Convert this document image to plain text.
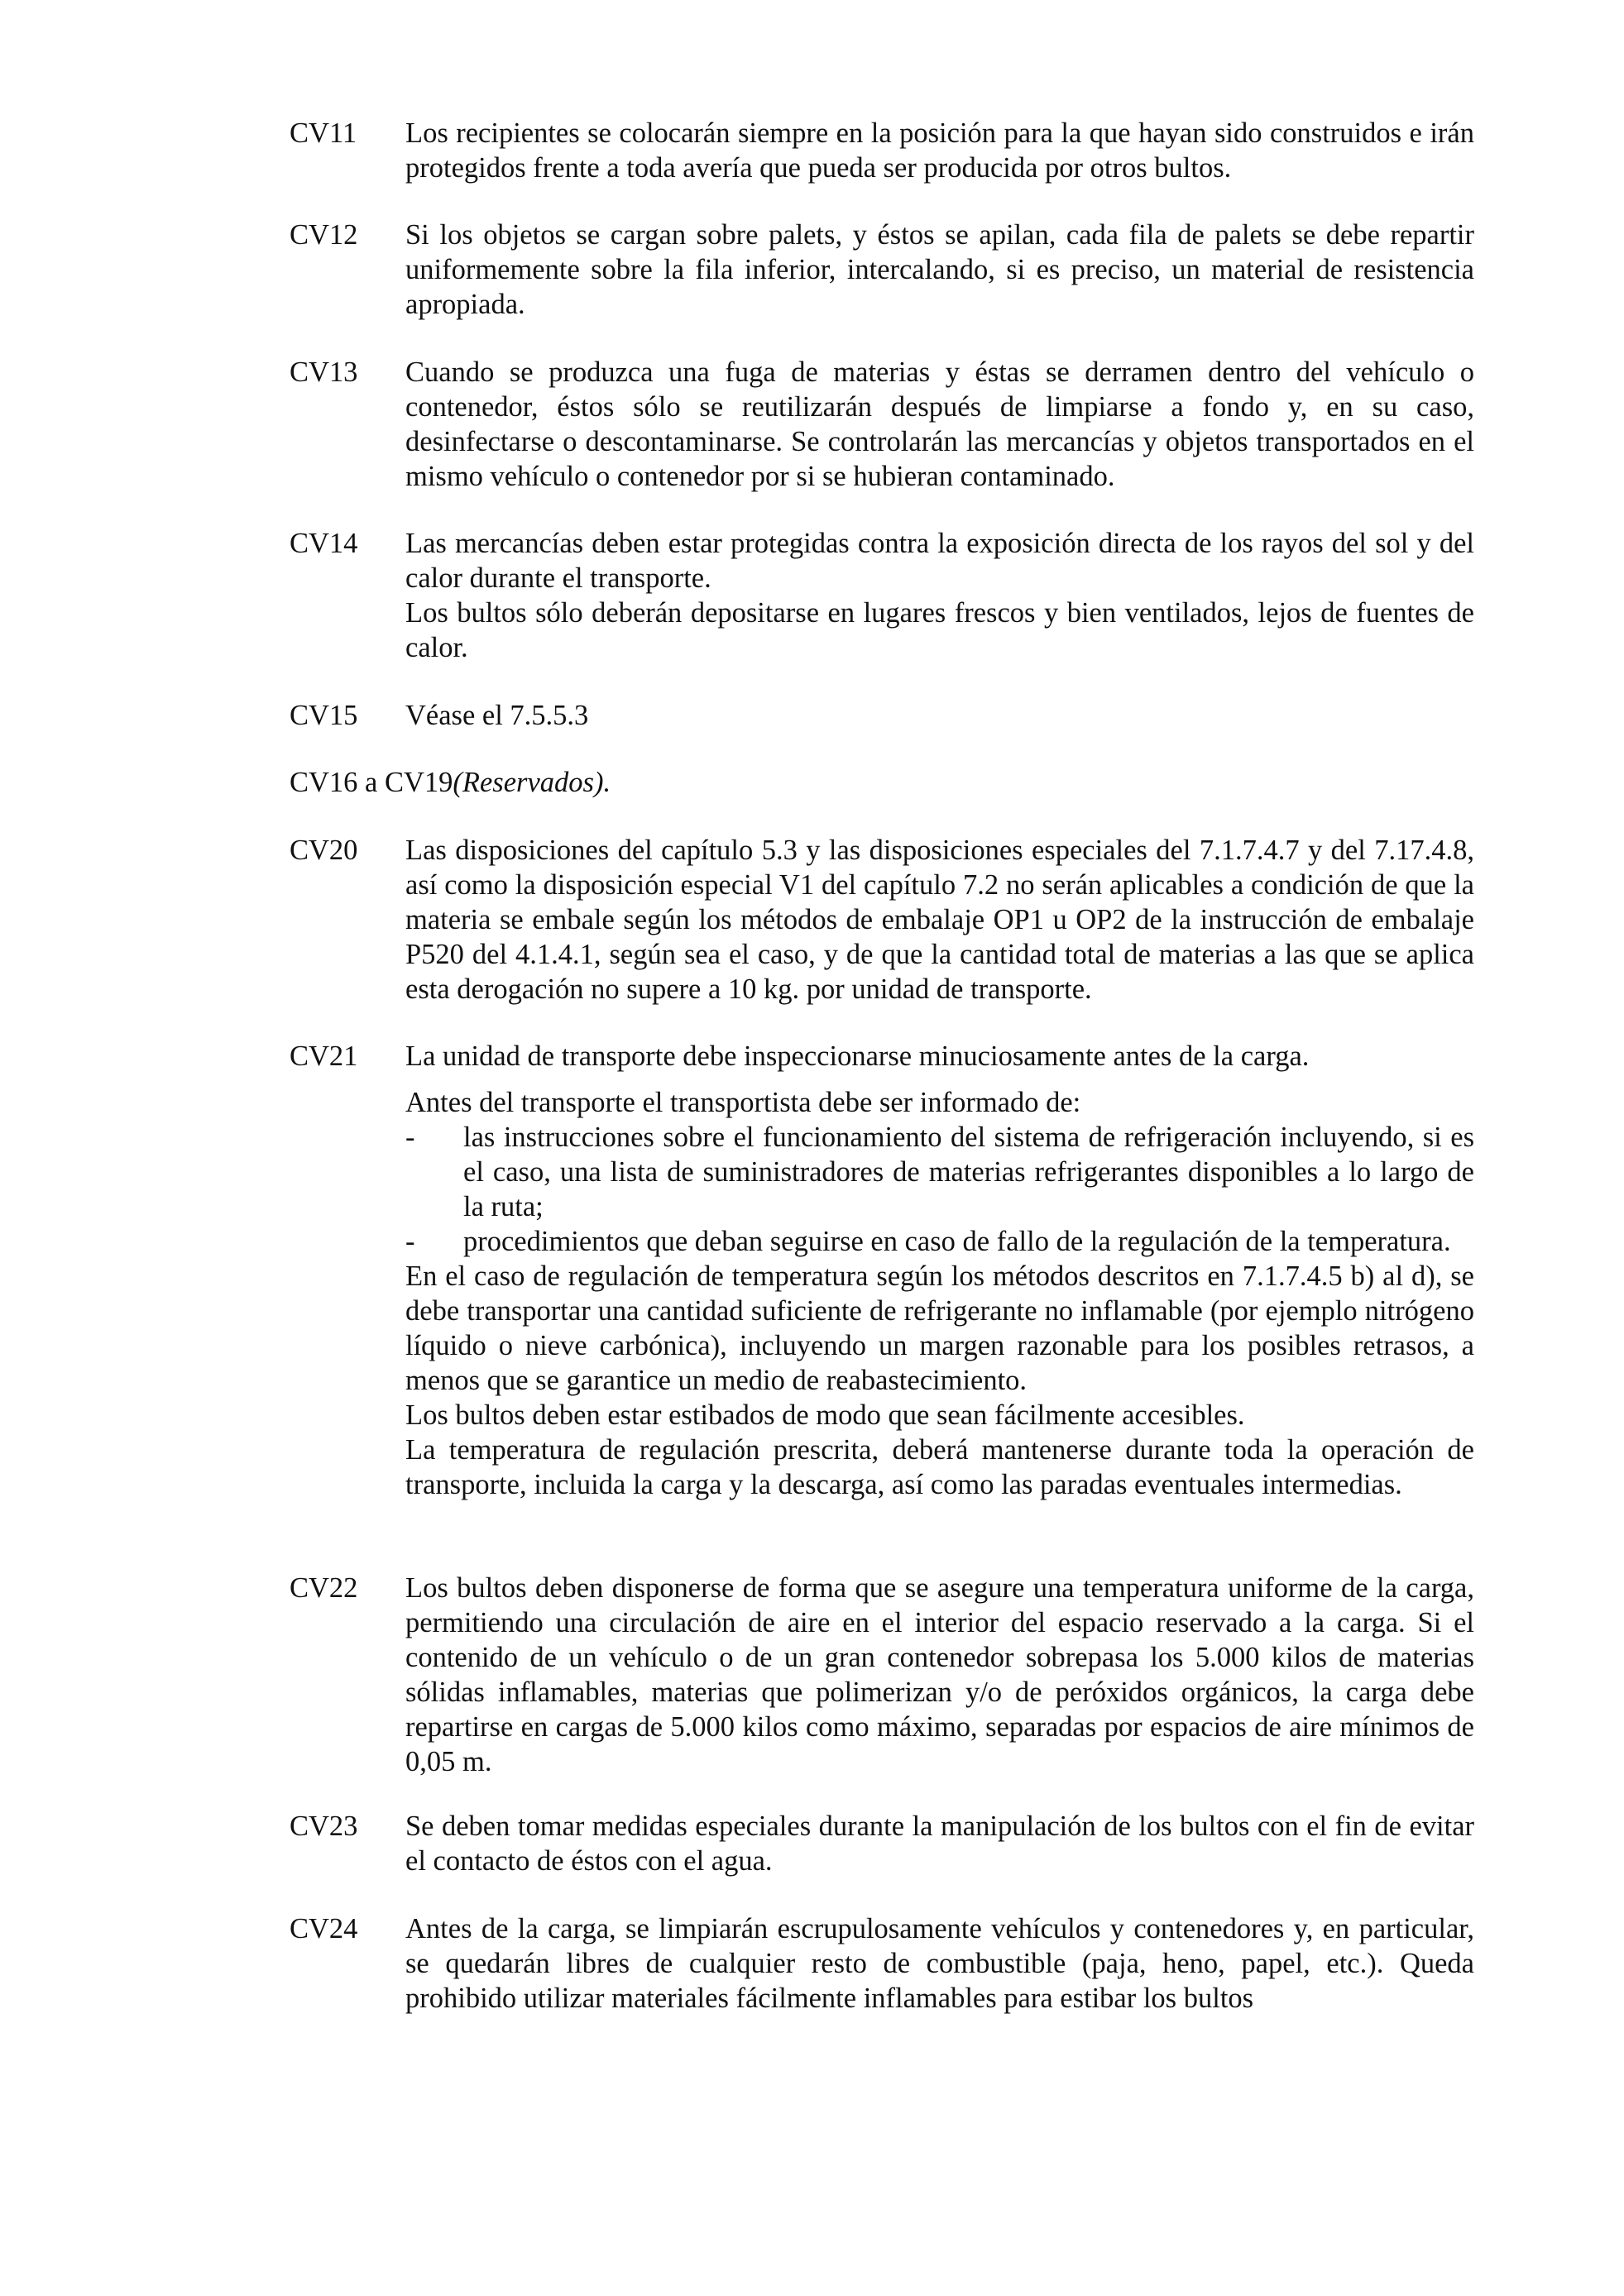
CV11	Los recipientes se colocarán siempre en la posición para la que hayan sido construidos e irán protegidos frente a toda avería que pueda ser producida por otros bultos.

CV12	Si los objetos se cargan sobre palets, y éstos se apilan, cada fila de palets se debe repartir uniformemente sobre la fila inferior, intercalando, si es preciso, un material de resistencia apropiada.

CV13	Cuando se produzca una fuga de materias y éstas se derramen dentro del vehículo o contenedor, éstos sólo se reutilizarán después de limpiarse a fondo y, en su caso, desinfectarse o descontaminarse. Se controlarán las mercancías y objetos transportados en el mismo vehículo o contenedor por si se hubieran contaminado.

CV14	Las mercancías deben estar protegidas contra la exposición directa de los rayos del sol y del calor durante el transporte.

Los bultos sólo deberán depositarse en lugares frescos y bien ventilados, lejos de fuentes de calor.

CV15	Véase el 7.5.5.3

CV16 a CV19(Reservados).
CV20	Las disposiciones del capítulo 5.3 y las disposiciones especiales del 7.1.7.4.7 y del 7.17.4.8, así como la disposición especial V1 del capítulo 7.2 no serán aplicables a condición de que la materia se embale según los métodos de embalaje OP1 u OP2 de la instrucción de embalaje P520 del 4.1.4.1, según sea el caso, y de que la cantidad total de materias a las que se aplica esta derogación no supere a 10 kg. por unidad de transporte.

CV21	La unidad de transporte debe inspeccionarse minuciosamente antes de la carga.

Antes del transporte el transportista debe ser informado de:

- las instrucciones sobre el funcionamiento del sistema de refrigeración incluyendo, si es el caso, una lista de suministradores de materias refrigerantes disponibles a lo largo de la ruta;
- procedimientos que deban seguirse en caso de fallo de la regulación de la temperatura.

En el caso de regulación de temperatura según los métodos descritos en 7.1.7.4.5 b) al d), se debe transportar una cantidad suficiente de refrigerante no inflamable (por ejemplo nitrógeno líquido o nieve carbónica), incluyendo un margen razonable para los posibles retrasos, a menos que se garantice un medio de reabastecimiento.

Los bultos deben estar estibados de modo que sean fácilmente accesibles.

La temperatura de regulación prescrita, deberá mantenerse durante toda la operación de transporte, incluida la carga y la descarga, así como las paradas eventuales intermedias.

CV22	Los bultos deben disponerse de forma que se asegure una temperatura uniforme de la carga, permitiendo una circulación de aire en el interior del espacio reservado a la carga. Si el contenido de un vehículo o de un gran contenedor sobrepasa los 5.000 kilos de materias sólidas inflamables, materias que polimerizan y/o de peróxidos orgánicos, la carga debe repartirse en cargas de 5.000 kilos como máximo, separadas por espacios de aire mínimos de 0,05 m.

CV23	Se deben tomar medidas especiales durante la manipulación de los bultos con el fin de evitar el contacto de éstos con el agua.

CV24	Antes de la carga, se limpiarán escrupulosamente vehículos y contenedores y, en particular, se quedarán libres de cualquier resto de combustible (paja, heno, papel, etc.). Queda prohibido utilizar materiales fácilmente inflamables para estibar los bultos
